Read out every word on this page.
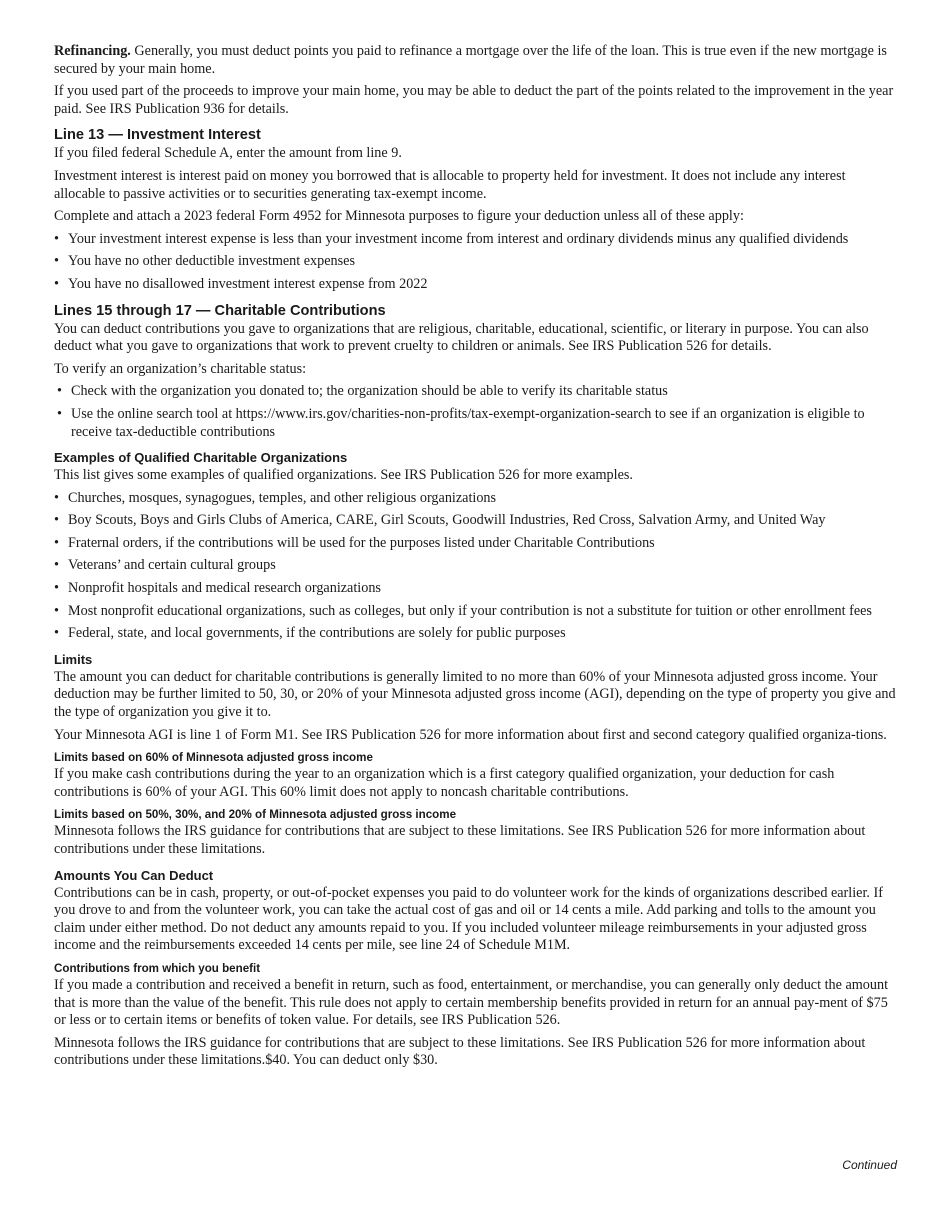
Refinancing. Generally, you must deduct points you paid to refinance a mortgage over the life of the loan. This is true even if the new mortgage is secured by your main home.

If you used part of the proceeds to improve your main home, you may be able to deduct the part of the points related to the improvement in the year paid. See IRS Publication 936 for details.

Line 13 — Investment Interest

If you filed federal Schedule A, enter the amount from line 9.

Investment interest is interest paid on money you borrowed that is allocable to property held for investment. It does not include any interest allocable to passive activities or to securities generating tax-exempt income.

Complete and attach a 2023 federal Form 4952 for Minnesota purposes to figure your deduction unless all of these apply:

• Your investment interest expense is less than your investment income from interest and ordinary dividends minus any qualified dividends
• You have no other deductible investment expenses
• You have no disallowed investment interest expense from 2022
Lines 15 through 17 — Charitable Contributions

You can deduct contributions you gave to organizations that are religious, charitable, educational, scientific, or literary in purpose. You can also deduct what you gave to organizations that work to prevent cruelty to children or animals. See IRS Publication 526 for details.

To verify an organization’s charitable status:

• Check with the organization you donated to; the organization should be able to verify its charitable status
• Use the online search tool at https://www.irs.gov/charities-non-profits/tax-exempt-organization-search to see if an organization is eligible to receive tax-deductible contributions
Examples of Qualified Charitable Organizations

This list gives some examples of qualified organizations. See IRS Publication 526 for more examples.

• Churches, mosques, synagogues, temples, and other religious organizations
• Boy Scouts, Boys and Girls Clubs of America, CARE, Girl Scouts, Goodwill Industries, Red Cross, Salvation Army, and United Way
• Fraternal orders, if the contributions will be used for the purposes listed under Charitable Contributions
• Veterans’ and certain cultural groups
• Nonprofit hospitals and medical research organizations
• Most nonprofit educational organizations, such as colleges, but only if your contribution is not a substitute for tuition or other enrollment fees
• Federal, state, and local governments, if the contributions are solely for public purposes
Limits

The amount you can deduct for charitable contributions is generally limited to no more than 60% of your Minnesota adjusted gross income. Your deduction may be further limited to 50, 30, or 20% of your Minnesota adjusted gross income (AGI), depending on the type of property you give and the type of organization you give it to.

Your Minnesota AGI is line 1 of Form M1. See IRS Publication 526 for more information about first and second category qualified organiza-tions.

Limits based on 60% of Minnesota adjusted gross income

If you make cash contributions during the year to an organization which is a first category qualified organization, your deduction for cash contributions is 60% of your AGI. This 60% limit does not apply to noncash charitable contributions.

Limits based on 50%, 30%, and 20% of Minnesota adjusted gross income

Minnesota follows the IRS guidance for contributions that are subject to these limitations. See IRS Publication 526 for more information about contributions under these limitations.

Amounts You Can Deduct

Contributions can be in cash, property, or out-of-pocket expenses you paid to do volunteer work for the kinds of organizations described earlier. If you drove to and from the volunteer work, you can take the actual cost of gas and oil or 14 cents a mile. Add parking and tolls to the amount you claim under either method. Do not deduct any amounts repaid to you. If you included volunteer mileage reimbursements in your adjusted gross income and the reimbursements exceeded 14 cents per mile, see line 24 of Schedule M1M.

Contributions from which you benefit

If you made a contribution and received a benefit in return, such as food, entertainment, or merchandise, you can generally only deduct the amount that is more than the value of the benefit. This rule does not apply to certain membership benefits provided in return for an annual pay-ment of $75 or less or to certain items or benefits of token value. For details, see IRS Publication 526.

Minnesota follows the IRS guidance for contributions that are subject to these limitations. See IRS Publication 526 for more information about contributions under these limitations.$40. You can deduct only $30.

Continued
